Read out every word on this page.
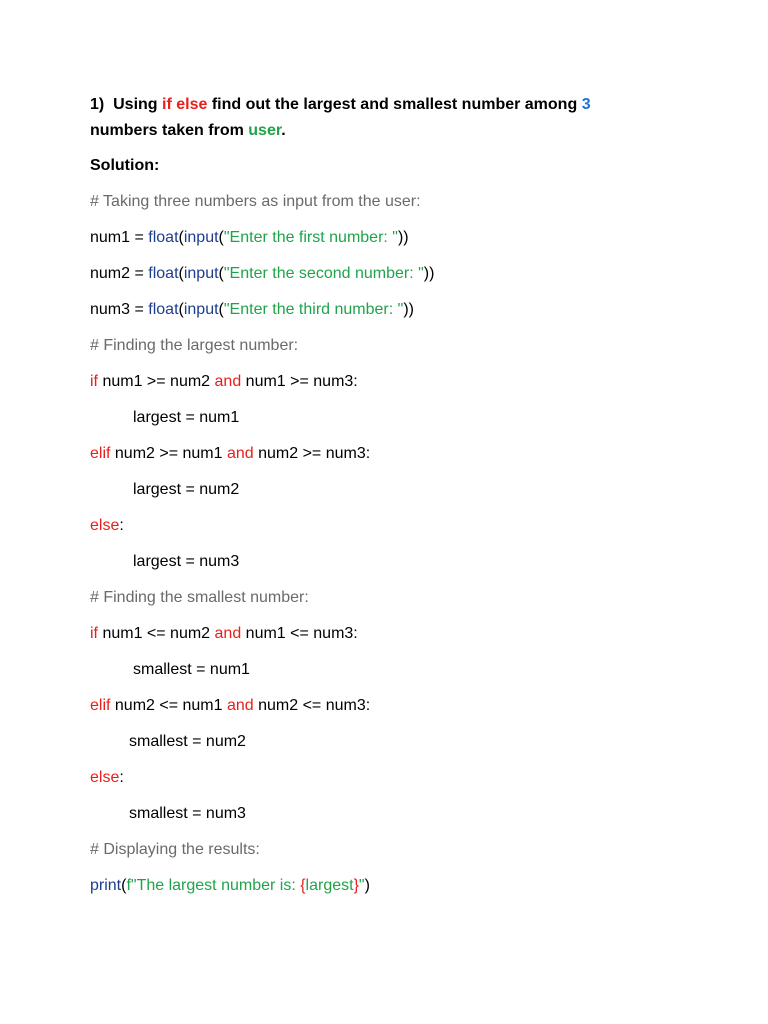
1) Using if else find out the largest and smallest number among 3
numbers taken from user.

Solution:

# Taking three numbers as input from the user:

num1 = float(input("Enter the first number: "))

num2 = float(input("Enter the second number: "))

num3 = float(input("Enter the third number: "))

# Finding the largest number:

if num1 >= num2 and num1 >= num3:

largest = num1

elif num2 >= num1 and num2 >= num3:

largest = num2

else:

largest = num3

# Finding the smallest number:

if num1 <= num2 and num1 <= num3:

smallest = num1

elif num2 <= num1 and num2 <= num3:

smallest = num2

else:

smallest = num3

# Displaying the results:

print(f"The largest number is: {largest}")
